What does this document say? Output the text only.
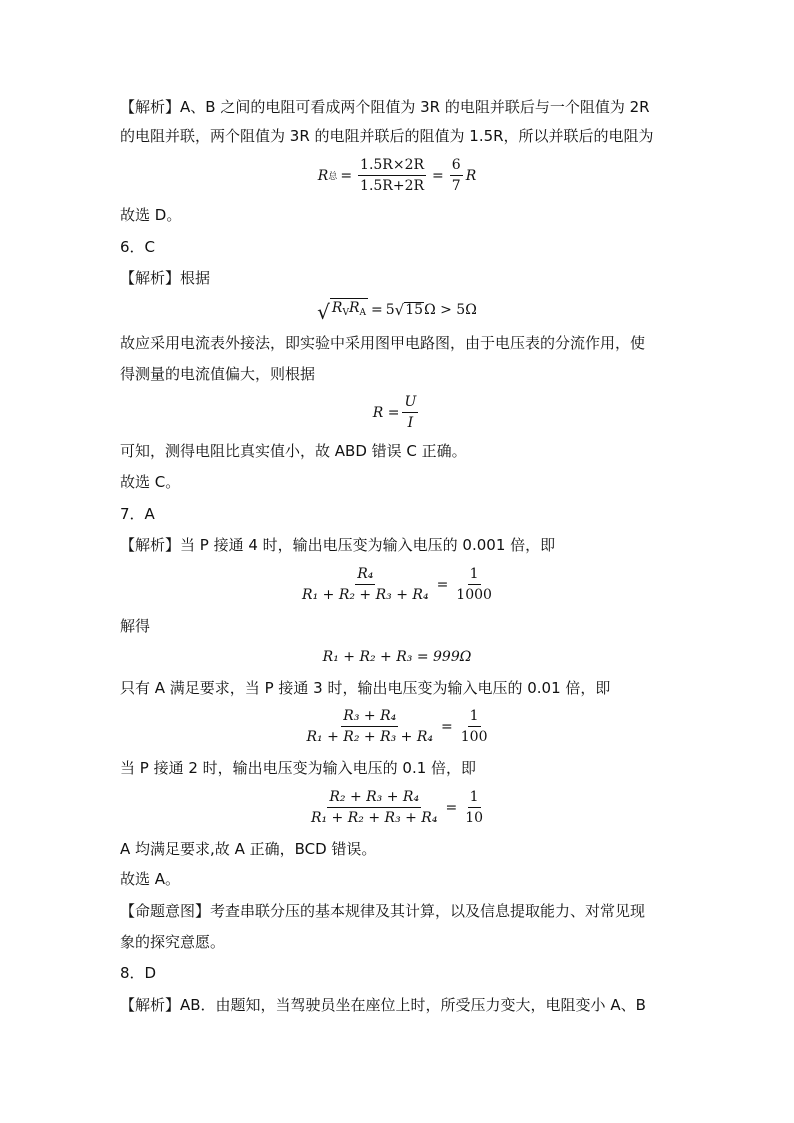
【解析】A、B 之间的电阻可看成两个阻值为 3R 的电阻并联后与一个阻值为 2R
的电阻并联，两个阻值为 3R 的电阻并联后的阻值为 1.5R，所以并联后的电阻为
R 总 = $\frac{1.5R\times 2R}{1.5R+2R} = \frac{6}{7}$ R
故选 D。
6．C
【解析】根据
√ $R_VR_A = 5$ √ 15 Ω > 5Ω
故应采用电流表外接法，即实验中采用图甲电路图，由于电压表的分流作用，使
得测量的电流值偏大，则根据
$R = \frac{U}{I}$
可知，测得电阻比真实值小，故 ABD 错误 C 正确。
故选 C。
7．A
【解析】当 P 接通 4 时，输出电压变为输入电压的 0.001 倍，即
$\frac{\text{R₄}}{\text{R₁ + R₂ + R₃ + R₄}} = \frac{1}{1000}$
解得
R₁ + R₂ + R₃ = 999Ω
只有 A 满足要求，当 P 接通 3 时，输出电压变为输入电压的 0.01 倍，即
$\frac{\text{R₃ + R₄}}{\text{R₁ + R₂ + R₃ + R₄}} = \frac{1}{100}$
当 P 接通 2 时，输出电压变为输入电压的 0.1 倍，即
$\frac{\text{R₂ + R₃ + R₄}}{\text{R₁ + R₂ + R₃ + R₄}} = \frac{1}{10}$
A 均满足要求,故 A 正确，BCD 错误。
故选 A。
【命题意图】考查串联分压的基本规律及其计算，以及信息提取能力、对常见现
象的探究意愿。
8．D
【解析】AB．由题知，当驾驶员坐在座位上时，所受压力变大，电阻变小 A、B
